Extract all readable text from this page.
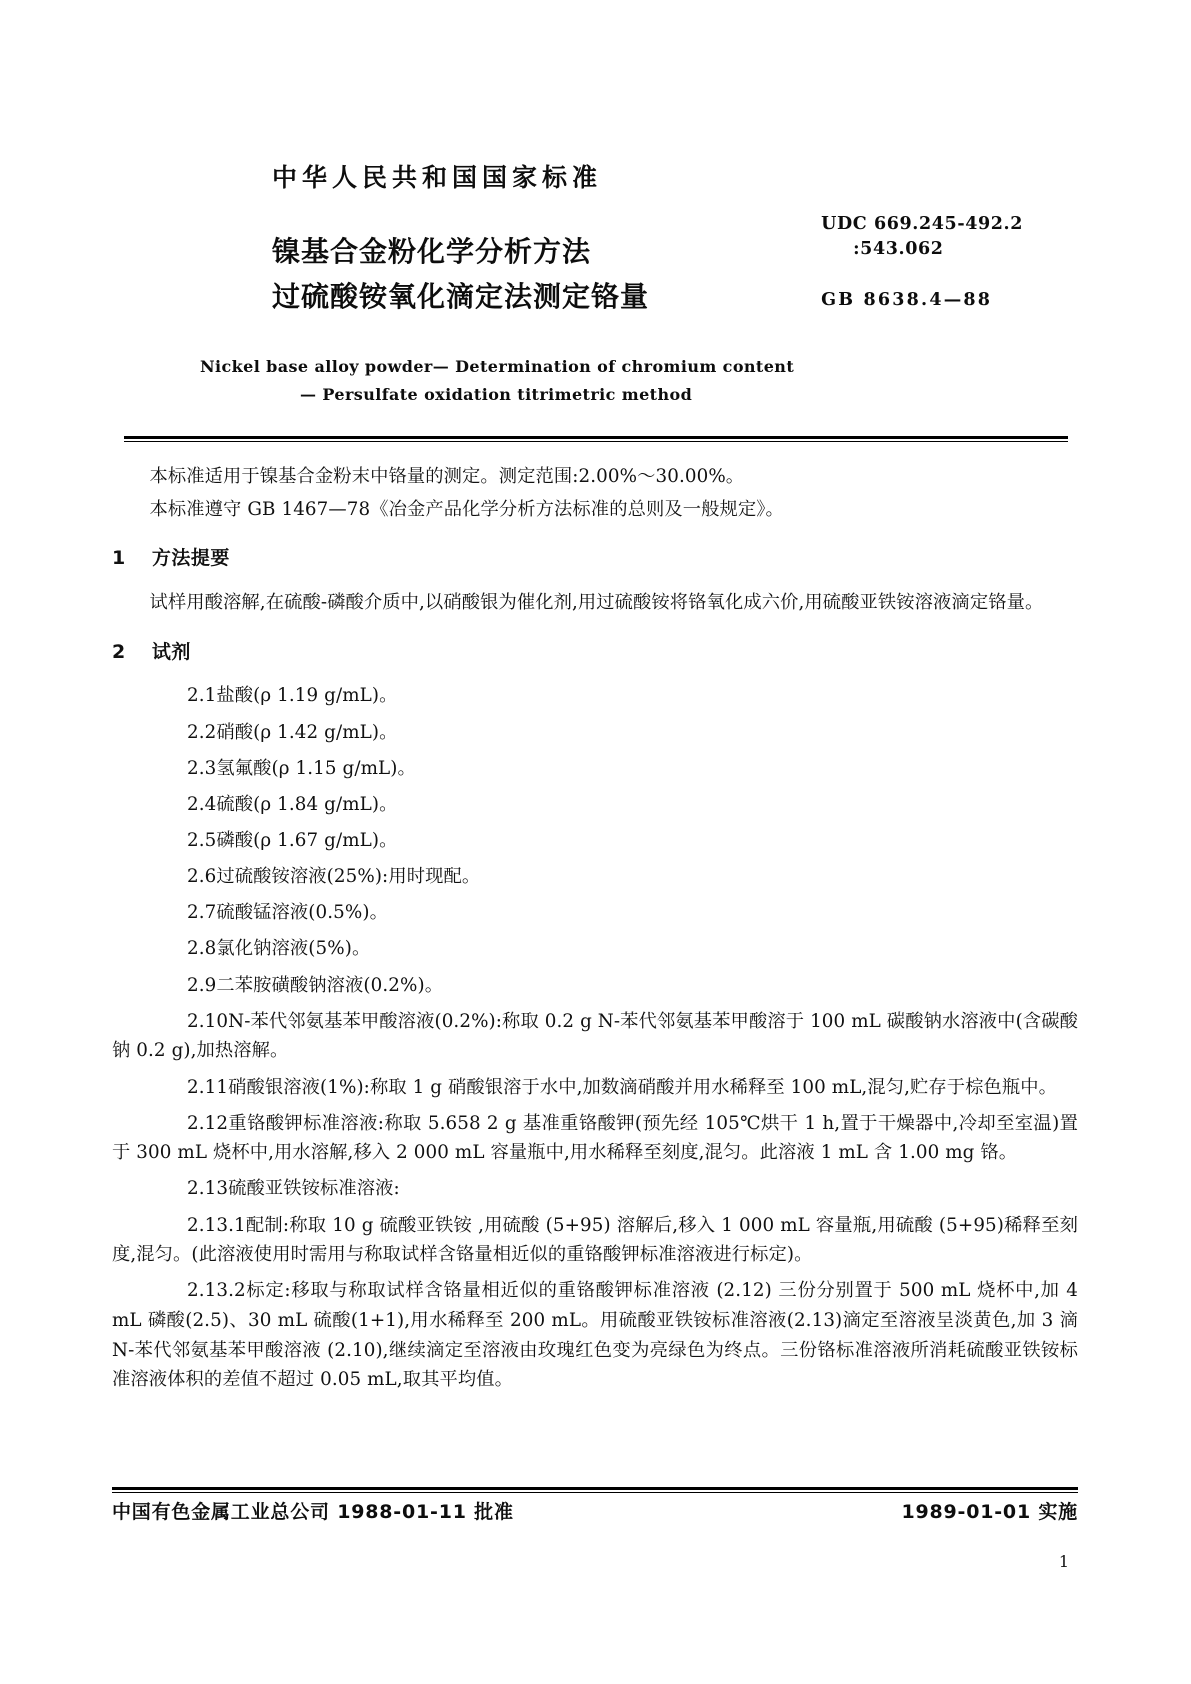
中华人民共和国国家标准
UDC 669.245-492.2
:543.062
GB 8638.4—88
镍基合金粉化学分析方法
过硫酸铵氧化滴定法测定铬量
Nickel base alloy powder— Determination of chromium content
— Persulfate oxidation titrimetric method

本标准适用于镍基合金粉末中铬量的测定。测定范围:2.00%～30.00%。

本标准遵守 GB 1467—78《冶金产品化学分析方法标准的总则及一般规定》。

1 方法提要

试样用酸溶解,在硫酸‑磷酸介质中,以硝酸银为催化剂,用过硫酸铵将铬氧化成六价,用硫酸亚铁铵溶液滴定铬量。

2 试剂

2.1盐酸(ρ 1.19 g/mL)。

2.2硝酸(ρ 1.42 g/mL)。

2.3氢氟酸(ρ 1.15 g/mL)。

2.4硫酸(ρ 1.84 g/mL)。

2.5磷酸(ρ 1.67 g/mL)。

2.6过硫酸铵溶液(25%):用时现配。

2.7硫酸锰溶液(0.5%)。

2.8氯化钠溶液(5%)。

2.9二苯胺磺酸钠溶液(0.2%)。

2.10N‑苯代邻氨基苯甲酸溶液(0.2%):称取 0.2 g N‑苯代邻氨基苯甲酸溶于 100 mL 碳酸钠水溶液中(含碳酸钠 0.2 g),加热溶解。

2.11硝酸银溶液(1%):称取 1 g 硝酸银溶于水中,加数滴硝酸并用水稀释至 100 mL,混匀,贮存于棕色瓶中。

2.12重铬酸钾标准溶液:称取 5.658 2 g 基准重铬酸钾(预先经 105℃烘干 1 h,置于干燥器中,冷却至室温)置于 300 mL 烧杯中,用水溶解,移入 2 000 mL 容量瓶中,用水稀释至刻度,混匀。此溶液 1 mL 含 1.00 mg 铬。

2.13硫酸亚铁铵标准溶液:

2.13.1配制:称取 10 g 硫酸亚铁铵 ,用硫酸 (5+95) 溶解后,移入 1 000 mL 容量瓶,用硫酸 (5+95)稀释至刻度,混匀。(此溶液使用时需用与称取试样含铬量相近似的重铬酸钾标准溶液进行标定)。

2.13.2标定:移取与称取试样含铬量相近似的重铬酸钾标准溶液 (2.12) 三份分别置于 500 mL 烧杯中,加 4 mL 磷酸(2.5)、30 mL 硫酸(1+1),用水稀释至 200 mL。用硫酸亚铁铵标准溶液(2.13)滴定至溶液呈淡黄色,加 3 滴 N‑苯代邻氨基苯甲酸溶液 (2.10),继续滴定至溶液由玫瑰红色变为亮绿色为终点。三份铬标准溶液所消耗硫酸亚铁铵标准溶液体积的差值不超过 0.05 mL,取其平均值。

中国有色金属工业总公司 1988-01-11 批准	1989-01-01 实施
1
